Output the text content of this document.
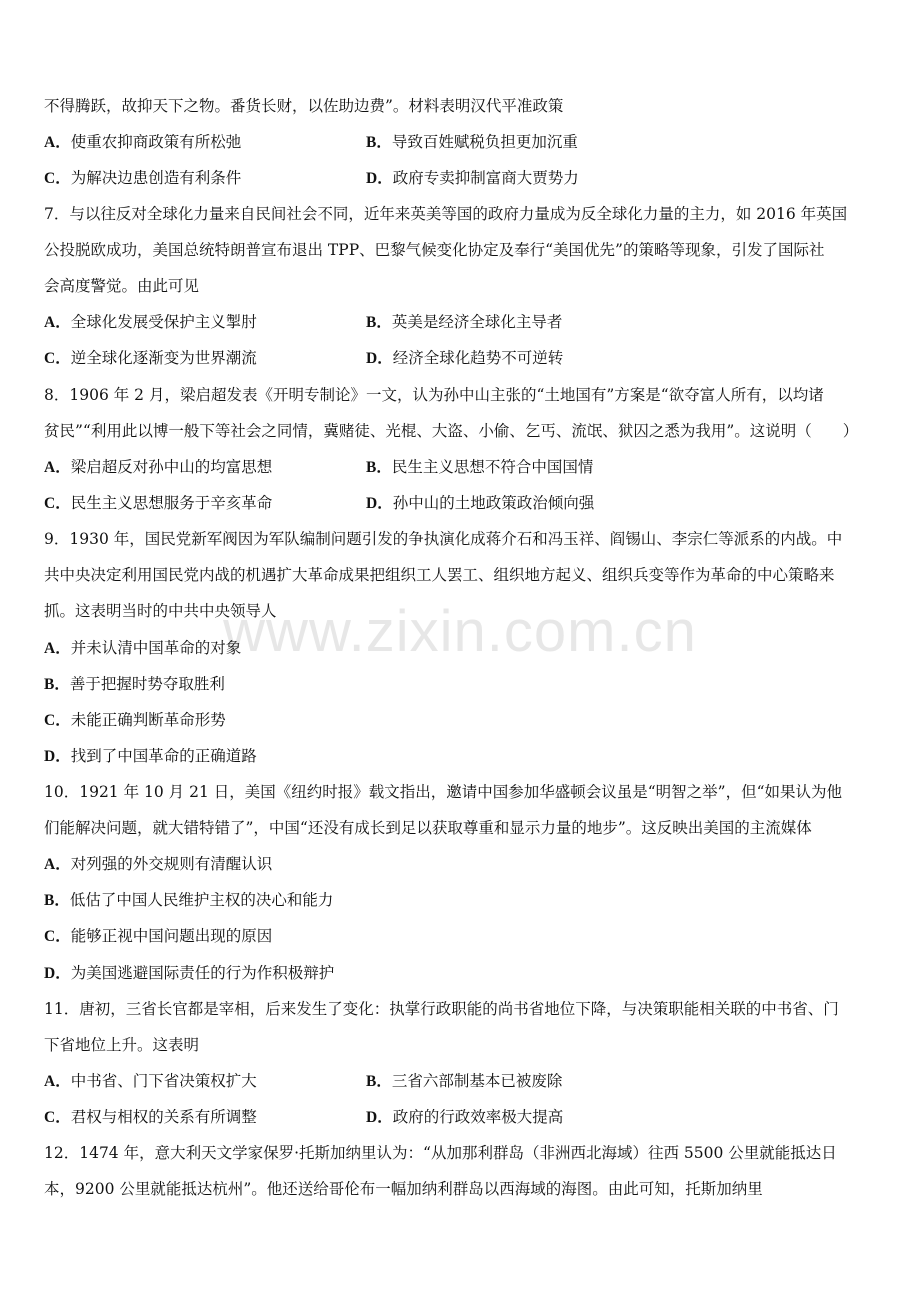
www.zixin.com.cn
不得腾跃，故抑天下之物。番货长财，以佐助边费”。材料表明汉代平准政策
A．使重农抑商政策有所松弛	B．导致百姓赋税负担更加沉重
C．为解决边患创造有利条件	D．政府专卖抑制富商大贾势力
7．与以往反对全球化力量来自民间社会不同，近年来英美等国的政府力量成为反全球化力量的主力，如 2016 年英国
公投脱欧成功，美国总统特朗普宣布退出 TPP、巴黎气候变化协定及奉行“美国优先”的策略等现象，引发了国际社
会高度警觉。由此可见
A．全球化发展受保护主义掣肘	B．英美是经济全球化主导者
C．逆全球化逐渐变为世界潮流	D．经济全球化趋势不可逆转
8．1906 年 2 月，梁启超发表《开明专制论》一文，认为孙中山主张的“土地国有”方案是“欲夺富人所有，以均诸
贫民”“利用此以博一般下等社会之同情，冀赌徒、光棍、大盗、小偷、乞丐、流氓、狱囚之悉为我用”。这说明（　　）
A．梁启超反对孙中山的均富思想	B．民生主义思想不符合中国国情
C．民生主义思想服务于辛亥革命	D．孙中山的土地政策政治倾向强
9．1930 年，国民党新军阀因为军队编制问题引发的争执演化成蒋介石和冯玉祥、阎锡山、李宗仁等派系的内战。中
共中央决定利用国民党内战的机遇扩大革命成果把组织工人罢工、组织地方起义、组织兵变等作为革命的中心策略来
抓。这表明当时的中共中央领导人
A．并未认清中国革命的对象
B．善于把握时势夺取胜利
C．未能正确判断革命形势
D．找到了中国革命的正确道路
10．1921 年 10 月 21 日，美国《纽约时报》载文指出，邀请中国参加华盛顿会议虽是“明智之举”，但“如果认为他
们能解决问题，就大错特错了”，中国“还没有成长到足以获取尊重和显示力量的地步”。这反映出美国的主流媒体
A．对列强的外交规则有清醒认识
B．低估了中国人民维护主权的决心和能力
C．能够正视中国问题出现的原因
D．为美国逃避国际责任的行为作积极辩护
11．唐初，三省长官都是宰相，后来发生了变化：执掌行政职能的尚书省地位下降，与决策职能相关联的中书省、门
下省地位上升。这表明
A．中书省、门下省决策权扩大	B．三省六部制基本已被废除
C．君权与相权的关系有所调整	D．政府的行政效率极大提高
12．1474 年，意大利天文学家保罗·托斯加纳里认为：“从加那利群岛（非洲西北海域）往西 5500 公里就能抵达日
本，9200 公里就能抵达杭州”。他还送给哥伦布一幅加纳利群岛以西海域的海图。由此可知，托斯加纳里
